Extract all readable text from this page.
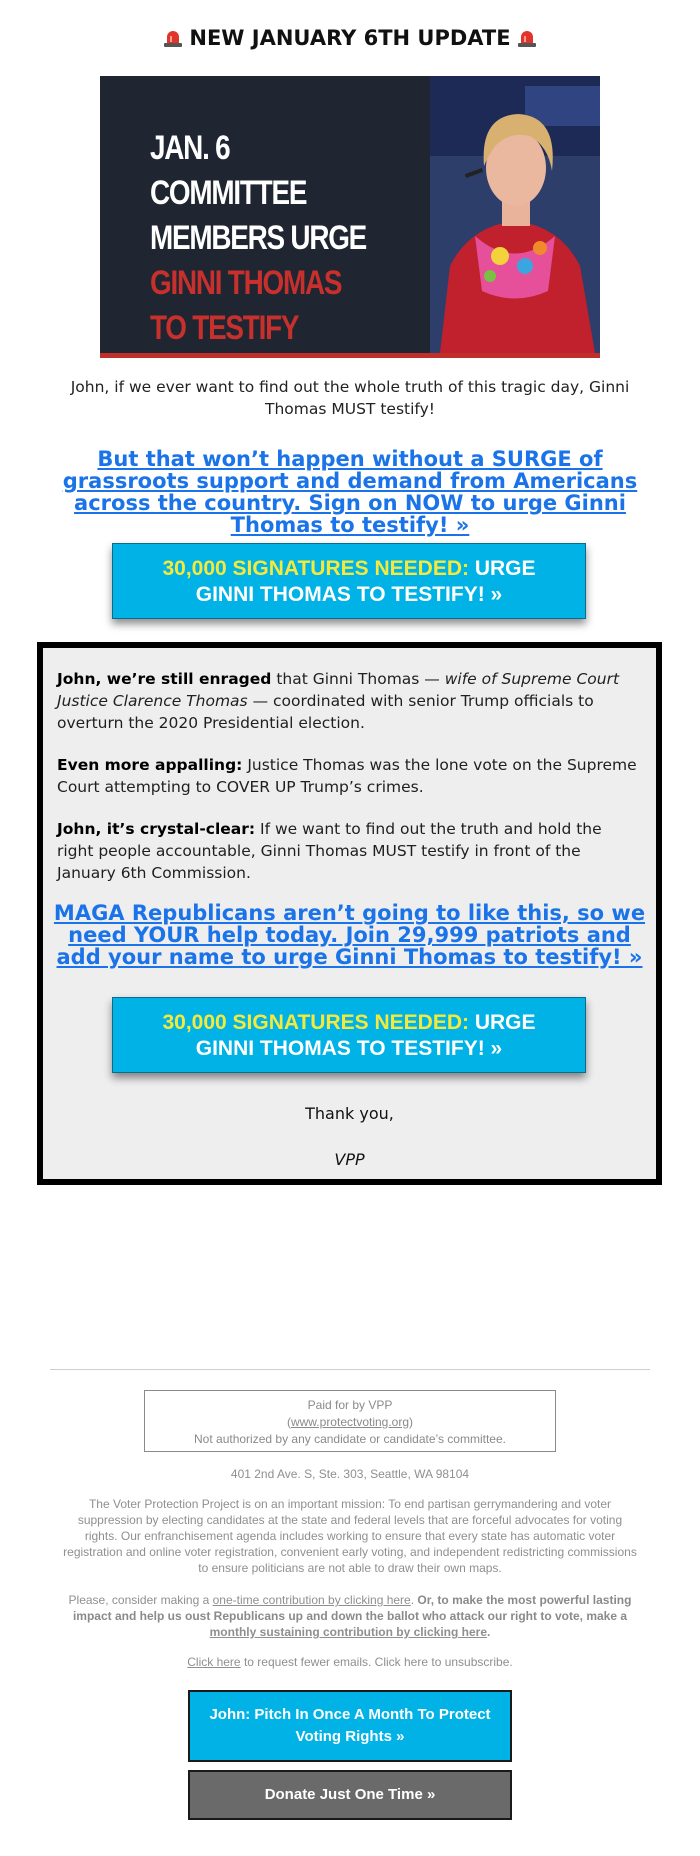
NEW JANUARY 6TH UPDATE
JAN. 6 COMMITTEE
MEMBERS URGE
GINNI THOMAS
TO TESTIFY
John, if we ever want to find out the whole truth of this tragic day, Ginni Thomas MUST testify!
But that won’t happen without a SURGE of grassroots support and demand from Americans across the country. Sign on NOW to urge Ginni Thomas to testify! »
30,000 SIGNATURES NEEDED: URGE
GINNI THOMAS TO TESTIFY! »
John, we’re still enraged that Ginni Thomas — wife of Supreme Court Justice Clarence Thomas — coordinated with senior Trump officials to overturn the 2020 Presidential election.
Even more appalling: Justice Thomas was the lone vote on the Supreme Court attempting to COVER UP Trump’s crimes.
John, it’s crystal-clear: If we want to find out the truth and hold the right people accountable, Ginni Thomas MUST testify in front of the January 6th Commission.
MAGA Republicans aren’t going to like this, so we need YOUR help today. Join 29,999 patriots and add your name to urge Ginni Thomas to testify! »
30,000 SIGNATURES NEEDED: URGE
GINNI THOMAS TO TESTIFY! »
Thank you,
VPP
Paid for by VPP
(www.protectvoting.org)
Not authorized by any candidate or candidate’s committee.
401 2nd Ave. S, Ste. 303, Seattle, WA 98104
The Voter Protection Project is on an important mission: To end partisan gerrymandering and voter suppression by electing candidates at the state and federal levels that are forceful advocates for voting rights. Our enfranchisement agenda includes working to ensure that every state has automatic voter registration and online voter registration, convenient early voting, and independent redistricting commissions to ensure politicians are not able to draw their own maps.
Please, consider making a one-time contribution by clicking here. Or, to make the most powerful lasting impact and help us oust Republicans up and down the ballot who attack our right to vote, make a monthly sustaining contribution by clicking here.
Click here to request fewer emails. Click here to unsubscribe.
John: Pitch In Once A Month To Protect Voting Rights »
Donate Just One Time »
